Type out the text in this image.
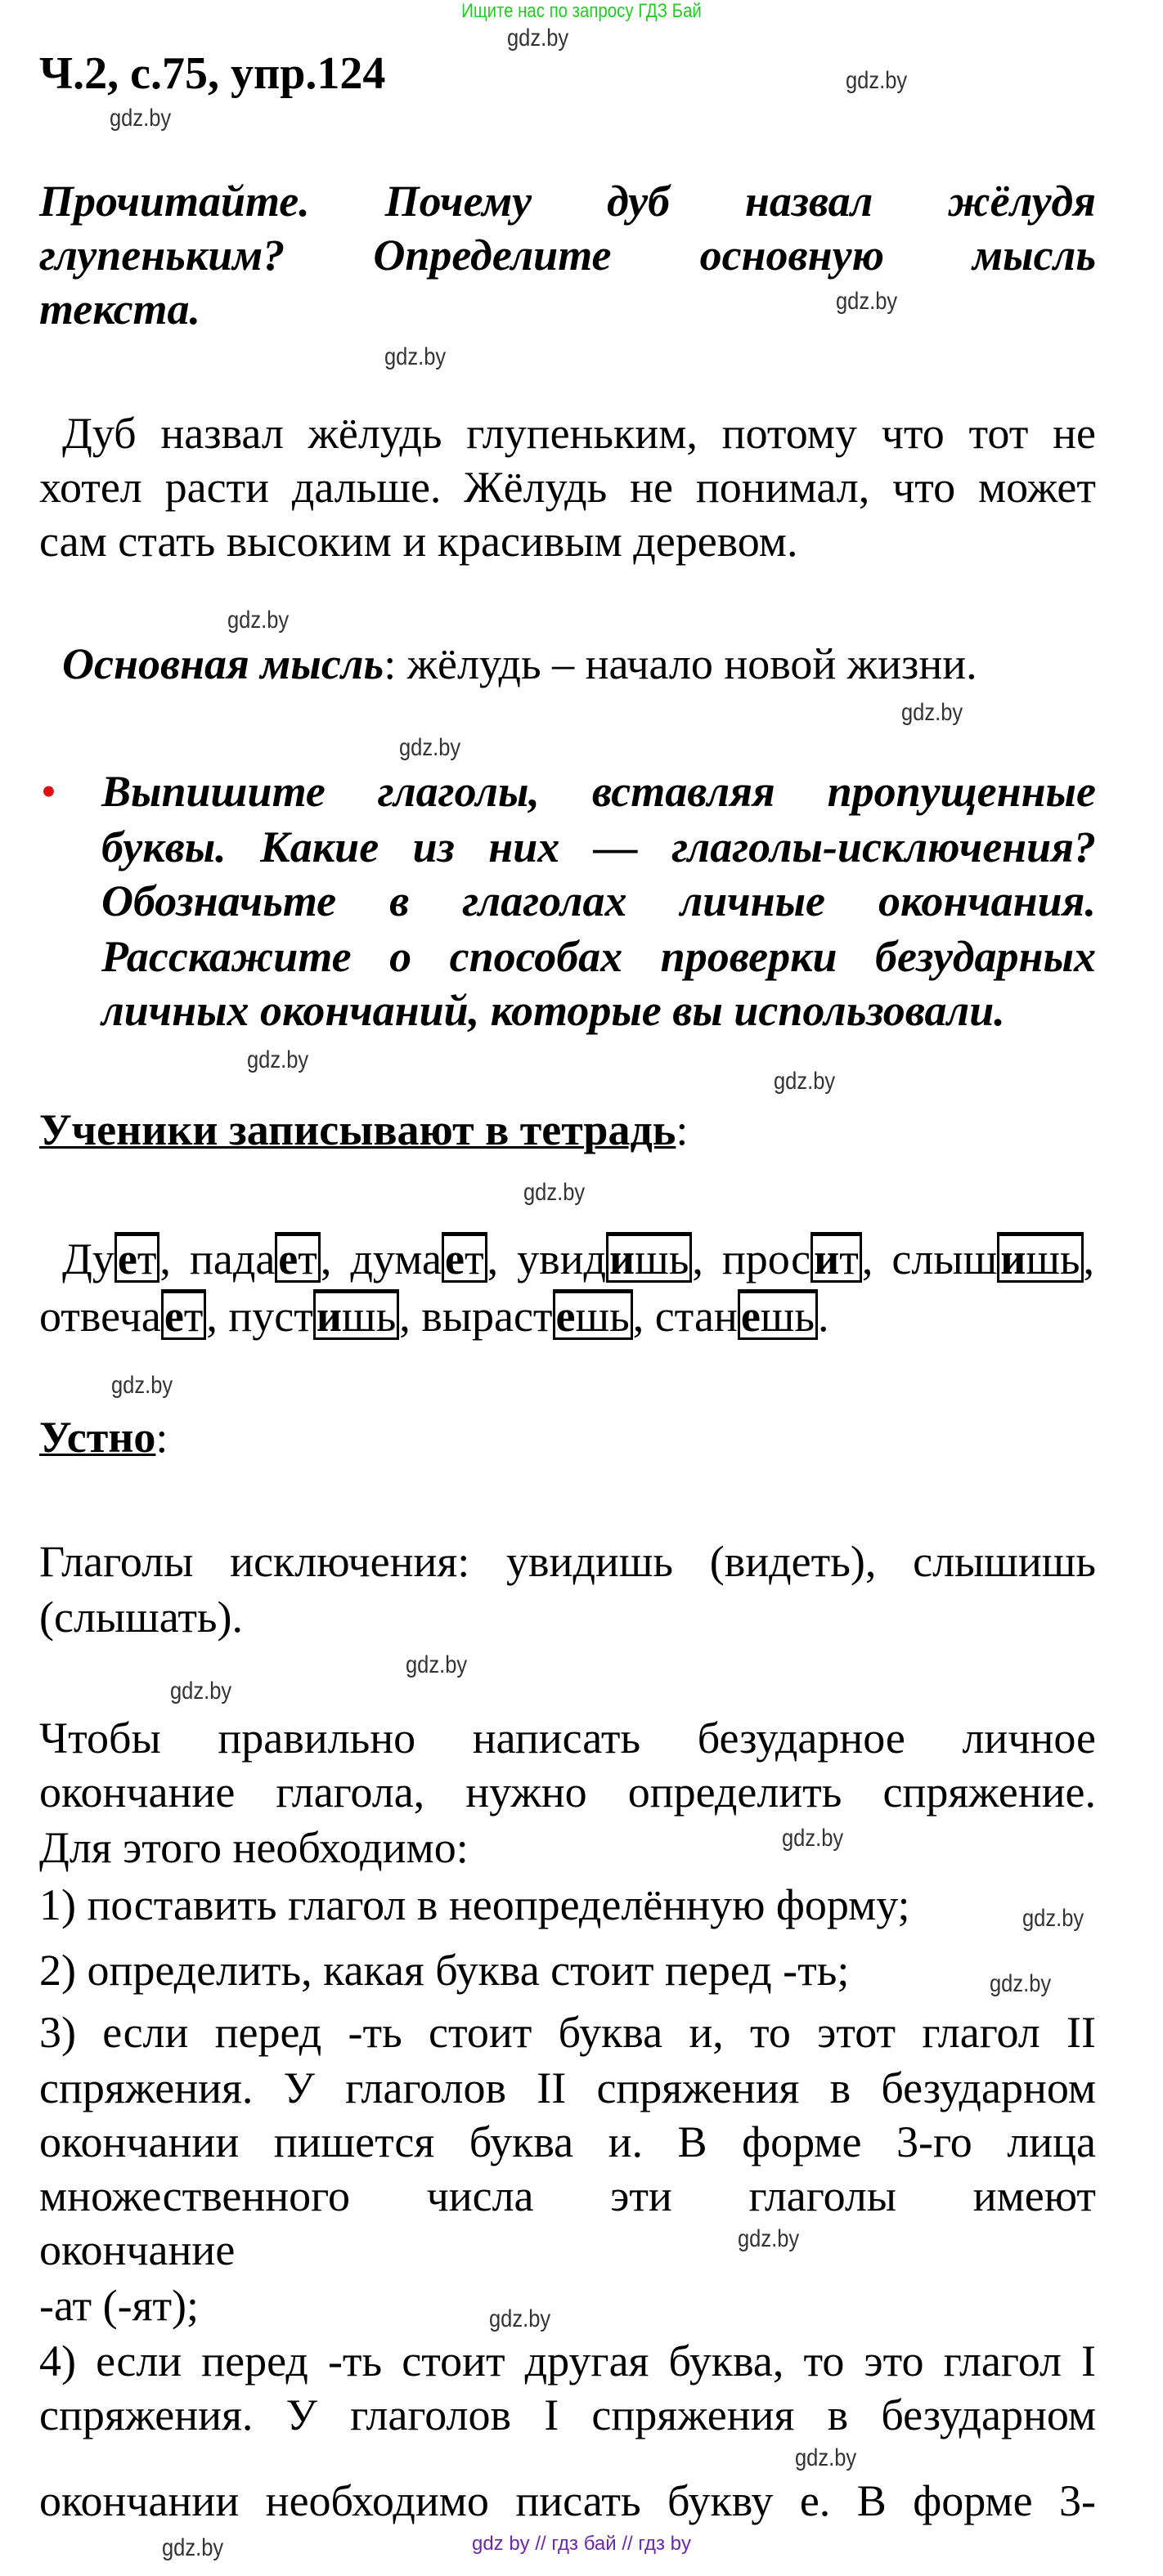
Ищите нас по запросу ГДЗ Бай
Ч.2, с.75, упр.124
Прочитайте. Почему дуб назвал жёлудя
глупеньким? Определите основную мысль
текста.
Дуб назвал жёлудь глупеньким, потому что тот не
хотел расти дальше. Жёлудь не понимал, что может
сам стать высоким и красивым деревом.
Основная мысль: жёлудь – начало новой жизни.
• Выпишите глаголы, вставляя пропущенные
буквы. Какие из них — глаголы-исключения?
Обозначьте в глаголах личные окончания.
Расскажите о способах проверки безударных
личных окончаний, которые вы использовали.
Ученики записывают в тетрадь:
Дует, падает, думает, увидишь, просит, слышишь,
отвечает, пустишь, вырастешь, станешь.
Устно:
Глаголы исключения: увидишь (видеть), слышишь
(слышать).
Чтобы правильно написать безударное личное
окончание глагола, нужно определить спряжение.
Для этого необходимо:
1) поставить глагол в неопределённую форму;
2) определить, какая буква стоит перед -ть;
3) если перед -ть стоит буква и, то этот глагол II
спряжения. У глаголов II спряжения в безударном
окончании пишется буква и. В форме 3-го лица
множественного числа эти глаголы имеют
окончание
-ат (-ят);
4) если перед -ть стоит другая буква, то это глагол I
спряжения. У глаголов I спряжения в безударном
окончании необходимо писать букву е. В форме 3-
gdz by // гдз бай // гдз by
gdz.by
gdz.by
gdz.by
gdz.by
gdz.by
gdz.by
gdz.by
gdz.by
gdz.by
gdz.by
gdz.by
gdz.by
gdz.by
gdz.by
gdz.by
gdz.by
gdz.by
gdz.by
gdz.by
gdz.by
gdz.by
